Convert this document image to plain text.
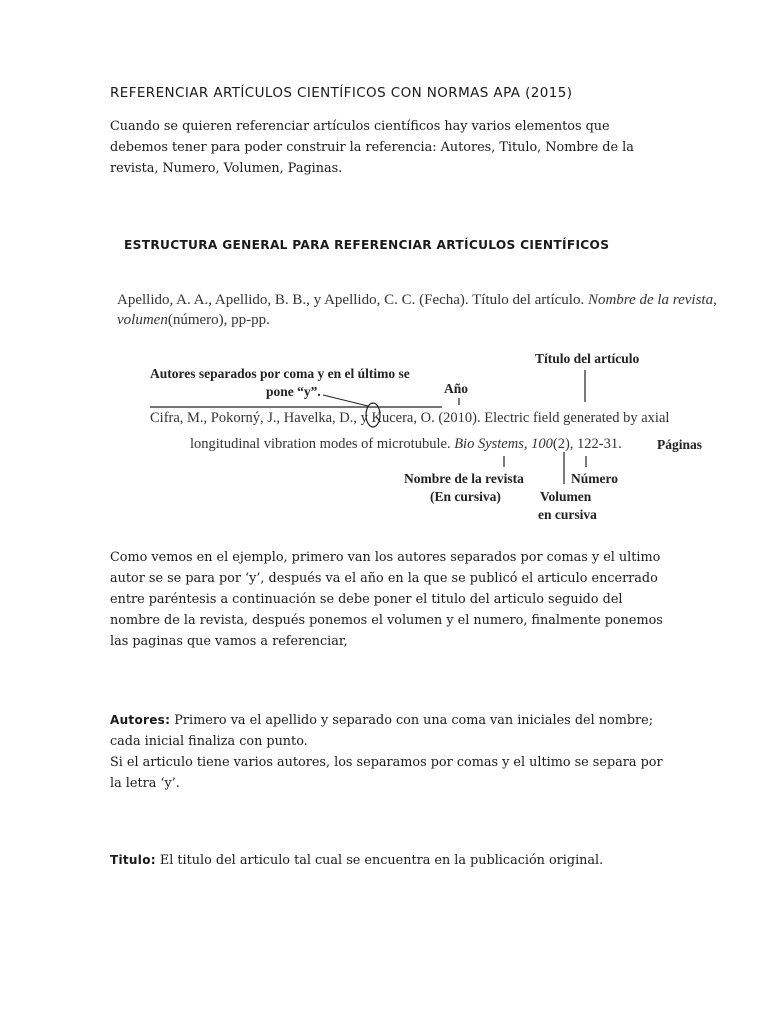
REFERENCIAR ARTÍCULOS CIENTÍFICOS CON NORMAS APA (2015)
Cuando se quieren referenciar artículos científicos hay varios elementos que debemos tener para poder construir la referencia: Autores, Titulo, Nombre de la revista, Numero, Volumen, Paginas.
ESTRUCTURA GENERAL PARA REFERENCIAR ARTÍCULOS CIENTÍFICOS
Apellido, A. A., Apellido, B. B., y Apellido, C. C. (Fecha). Título del artículo. Nombre de la revista,
volumen(número), pp-pp.
Autores separados por coma y en el último se
pone “y”.	Año
Título del artículo
Cifra, M., Pokorný, J., Havelka, D., y Kucera, O. (2010). Electric field generated by axial
longitudinal vibration modes of microtubule. Bio Systems, 100(2), 122-31.	Páginas
Nombre de la revista
(En cursiva)
Número
Volumen
en cursiva
Como vemos en el ejemplo, primero van los autores separados por comas y el ultimo autor se se para por ‘y’, después va el año en la que se publicó el articulo encerrado entre paréntesis a continuación se debe poner el titulo del articulo seguido del nombre de la revista, después ponemos el volumen y el numero, finalmente ponemos las paginas que vamos a referenciar,
Autores: Primero va el apellido y separado con una coma van iniciales del nombre; cada inicial finaliza con punto.
Si el articulo tiene varios autores, los separamos por comas y el ultimo se separa por la letra ‘y’.
Titulo: El titulo del articulo tal cual se encuentra en la publicación original.
